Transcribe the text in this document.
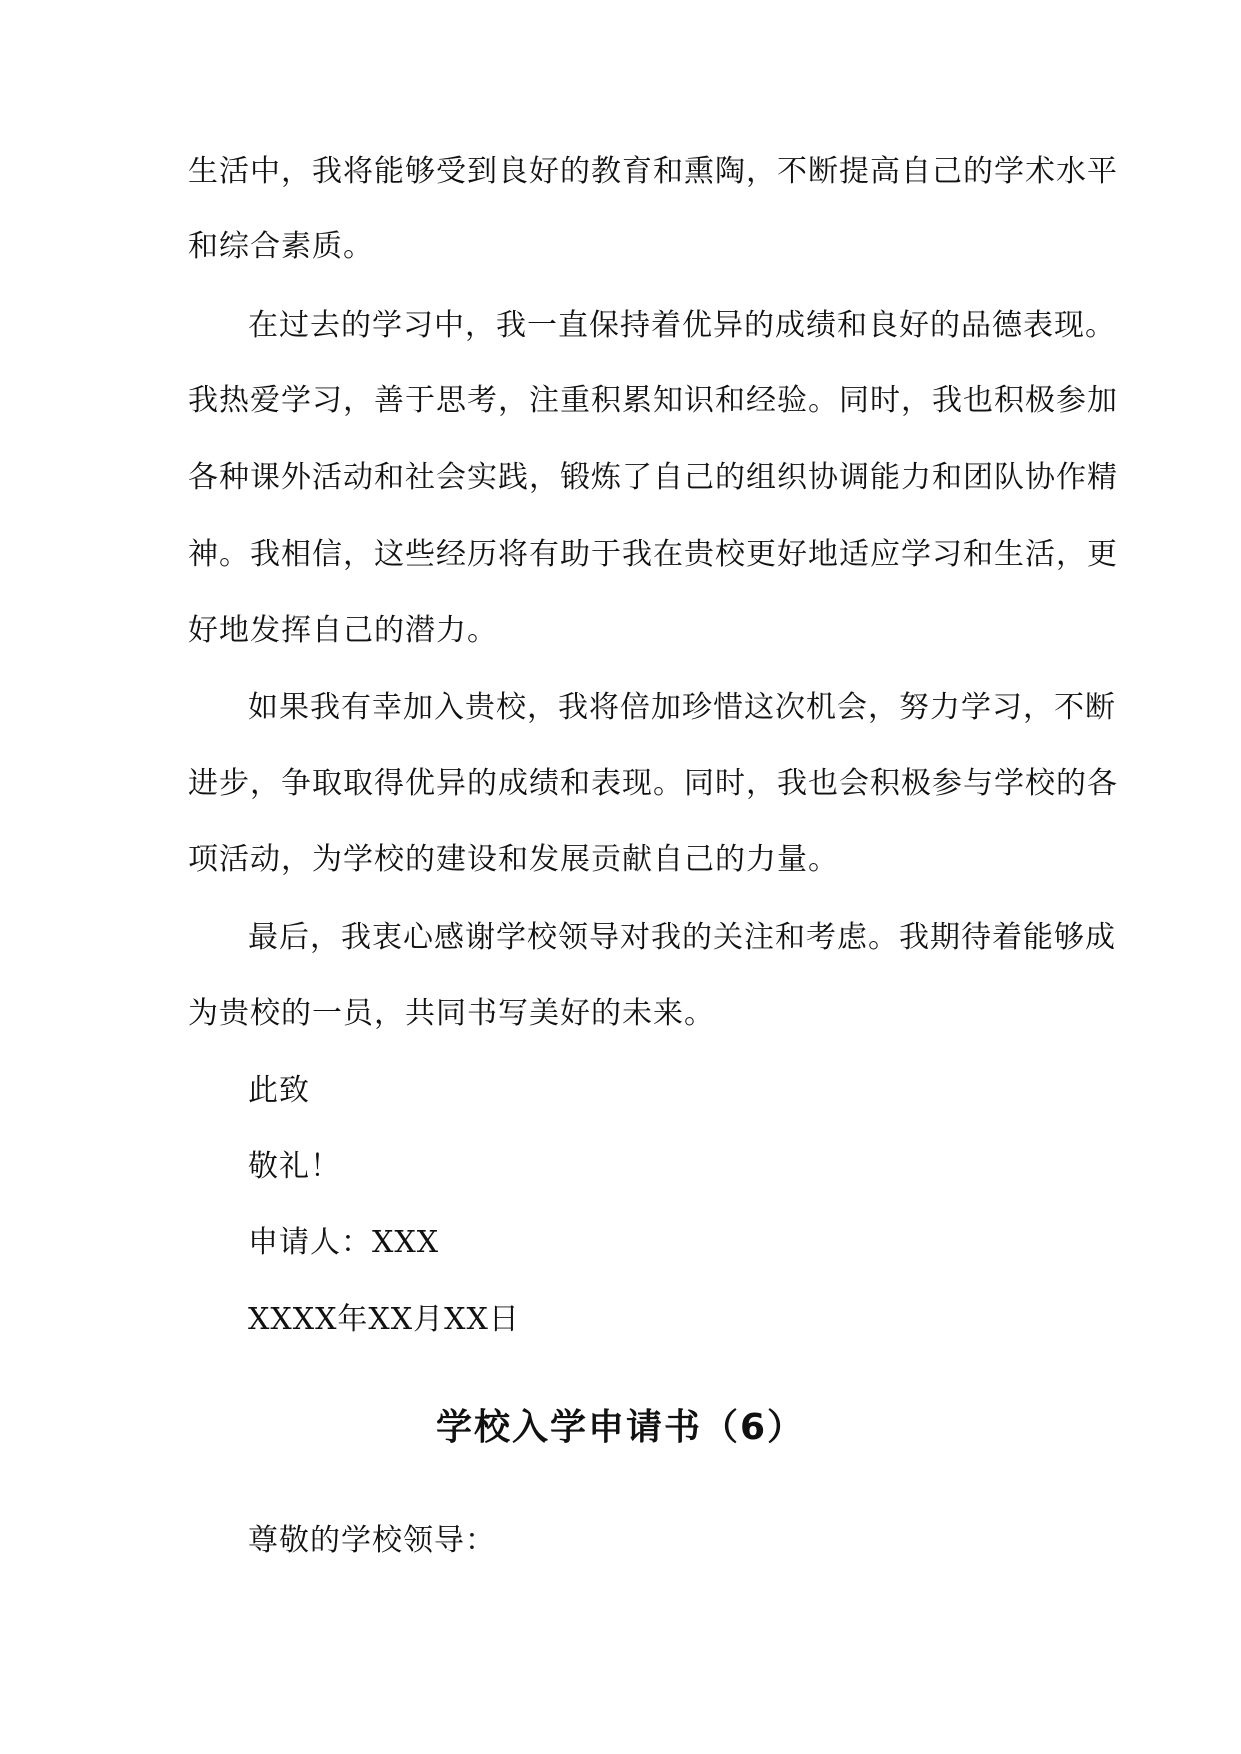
生活中，我将能够受到良好的教育和熏陶，不断提高自己的学术水平
和综合素质。
在过去的学习中，我一直保持着优异的成绩和良好的品德表现。
我热爱学习，善于思考，注重积累知识和经验。同时，我也积极参加
各种课外活动和社会实践，锻炼了自己的组织协调能力和团队协作精
神。我相信，这些经历将有助于我在贵校更好地适应学习和生活，更
好地发挥自己的潜力。
如果我有幸加入贵校，我将倍加珍惜这次机会，努力学习，不断
进步，争取取得优异的成绩和表现。同时，我也会积极参与学校的各
项活动，为学校的建设和发展贡献自己的力量。
最后，我衷心感谢学校领导对我的关注和考虑。我期待着能够成
为贵校的一员，共同书写美好的未来。
此致
敬礼！
申请人：XXX
XXXX年XX月XX日
学校入学申请书（6）
尊敬的学校领导：
